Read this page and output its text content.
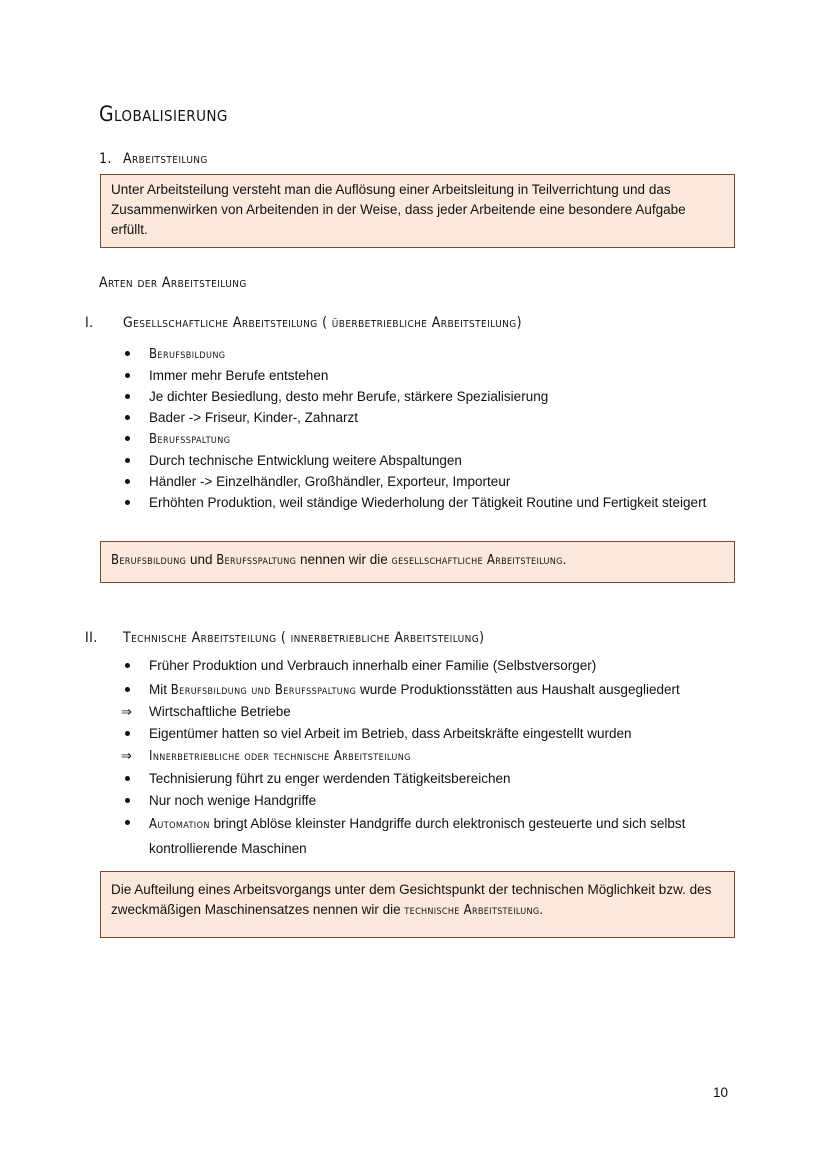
Globalisierung
1. Arbeitsteilung
Unter Arbeitsteilung versteht man die Auflösung einer Arbeitsleitung in Teilverrichtung und das Zusammenwirken von Arbeitenden in der Weise, dass jeder Arbeitende eine besondere Aufgabe erfüllt.
Arten der Arbeitsteilung
I. Gesellschaftliche Arbeitsteilung ( überbetriebliche Arbeitsteilung)
Berufsbildung
Immer mehr Berufe entstehen
Je dichter Besiedlung, desto mehr Berufe, stärkere Spezialisierung
Bader -> Friseur, Kinder-, Zahnarzt
Berufsspaltung
Durch technische Entwicklung weitere Abspaltungen
Händler -> Einzelhändler, Großhändler, Exporteur, Importeur
Erhöhten Produktion, weil ständige Wiederholung der Tätigkeit Routine und Fertigkeit steigert
Berufsbildung und Berufsspaltung nennen wir die gesellschaftliche Arbeitsteilung.
II. Technische Arbeitsteilung ( innerbetriebliche Arbeitsteilung)
Früher Produktion und Verbrauch innerhalb einer Familie (Selbstversorger)
Mit Berufsbildung und Berufsspaltung wurde Produktionsstätten aus Haushalt ausgegliedert
⇒	Wirtschaftliche Betriebe
Eigentümer hatten so viel Arbeit im Betrieb, dass Arbeitskräfte eingestellt wurden
⇒	Innerbetriebliche oder technische Arbeitsteilung
Technisierung führt zu enger werdenden Tätigkeitsbereichen
Nur noch wenige Handgriffe
Automation bringt Ablöse kleinster Handgriffe durch elektronisch gesteuerte und sich selbst kontrollierende Maschinen
Die Aufteilung eines Arbeitsvorgangs unter dem Gesichtspunkt der technischen Möglichkeit bzw. des zweckmäßigen Maschinensatzes nennen wir die technische Arbeitsteilung.
10
